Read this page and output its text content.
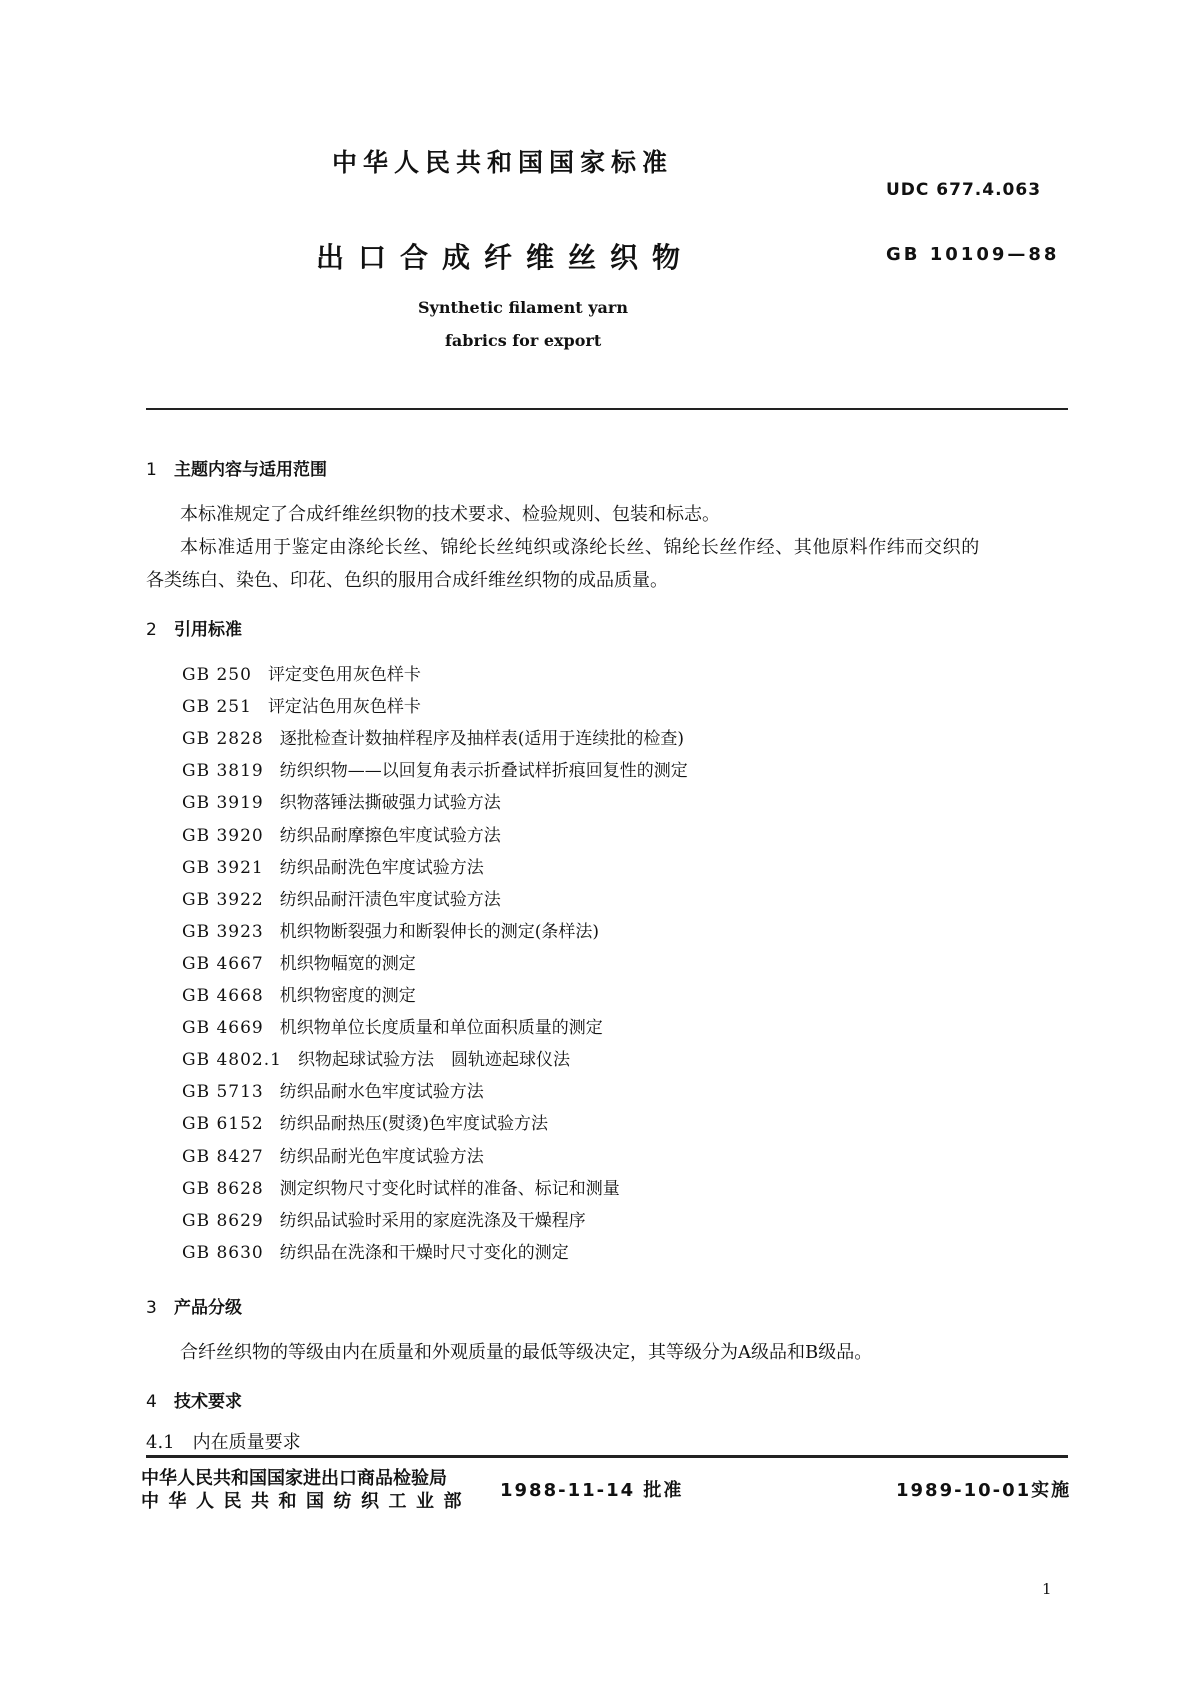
中华人民共和国国家标准
UDC 677.4.063
出口合成纤维丝织物	GB 10109—88
Synthetic filament yarn
fabrics for export
1 主题内容与适用范围
本标准规定了合成纤维丝织物的技术要求、检验规则、包装和标志。
本标准适用于鉴定由涤纶长丝、锦纶长丝纯织或涤纶长丝、锦纶长丝作经、其他原料作纬而交织的
各类练白、染色、印花、色织的服用合成纤维丝织物的成品质量。
2 引用标准
GB 250 评定变色用灰色样卡
GB 251 评定沾色用灰色样卡
GB 2828 逐批检查计数抽样程序及抽样表(适用于连续批的检查)
GB 3819 纺织织物——以回复角表示折叠试样折痕回复性的测定
GB 3919 织物落锤法撕破强力试验方法
GB 3920 纺织品耐摩擦色牢度试验方法
GB 3921 纺织品耐洗色牢度试验方法
GB 3922 纺织品耐汗渍色牢度试验方法
GB 3923 机织物断裂强力和断裂伸长的测定(条样法)
GB 4667 机织物幅宽的测定
GB 4668 机织物密度的测定
GB 4669 机织物单位长度质量和单位面积质量的测定
GB 4802.1 织物起球试验方法　圆轨迹起球仪法
GB 5713 纺织品耐水色牢度试验方法
GB 6152 纺织品耐热压(熨烫)色牢度试验方法
GB 8427 纺织品耐光色牢度试验方法
GB 8628 测定织物尺寸变化时试样的准备、标记和测量
GB 8629 纺织品试验时采用的家庭洗涤及干燥程序
GB 8630 纺织品在洗涤和干燥时尺寸变化的测定
3 产品分级
合纤丝织物的等级由内在质量和外观质量的最低等级决定，其等级分为A级品和B级品。
4 技术要求
4.1　内在质量要求
中华人民共和国国家进出口商品检验局
中华人民共和国纺织工业部
1988-11-14 批准	1989-10-01实施
1
